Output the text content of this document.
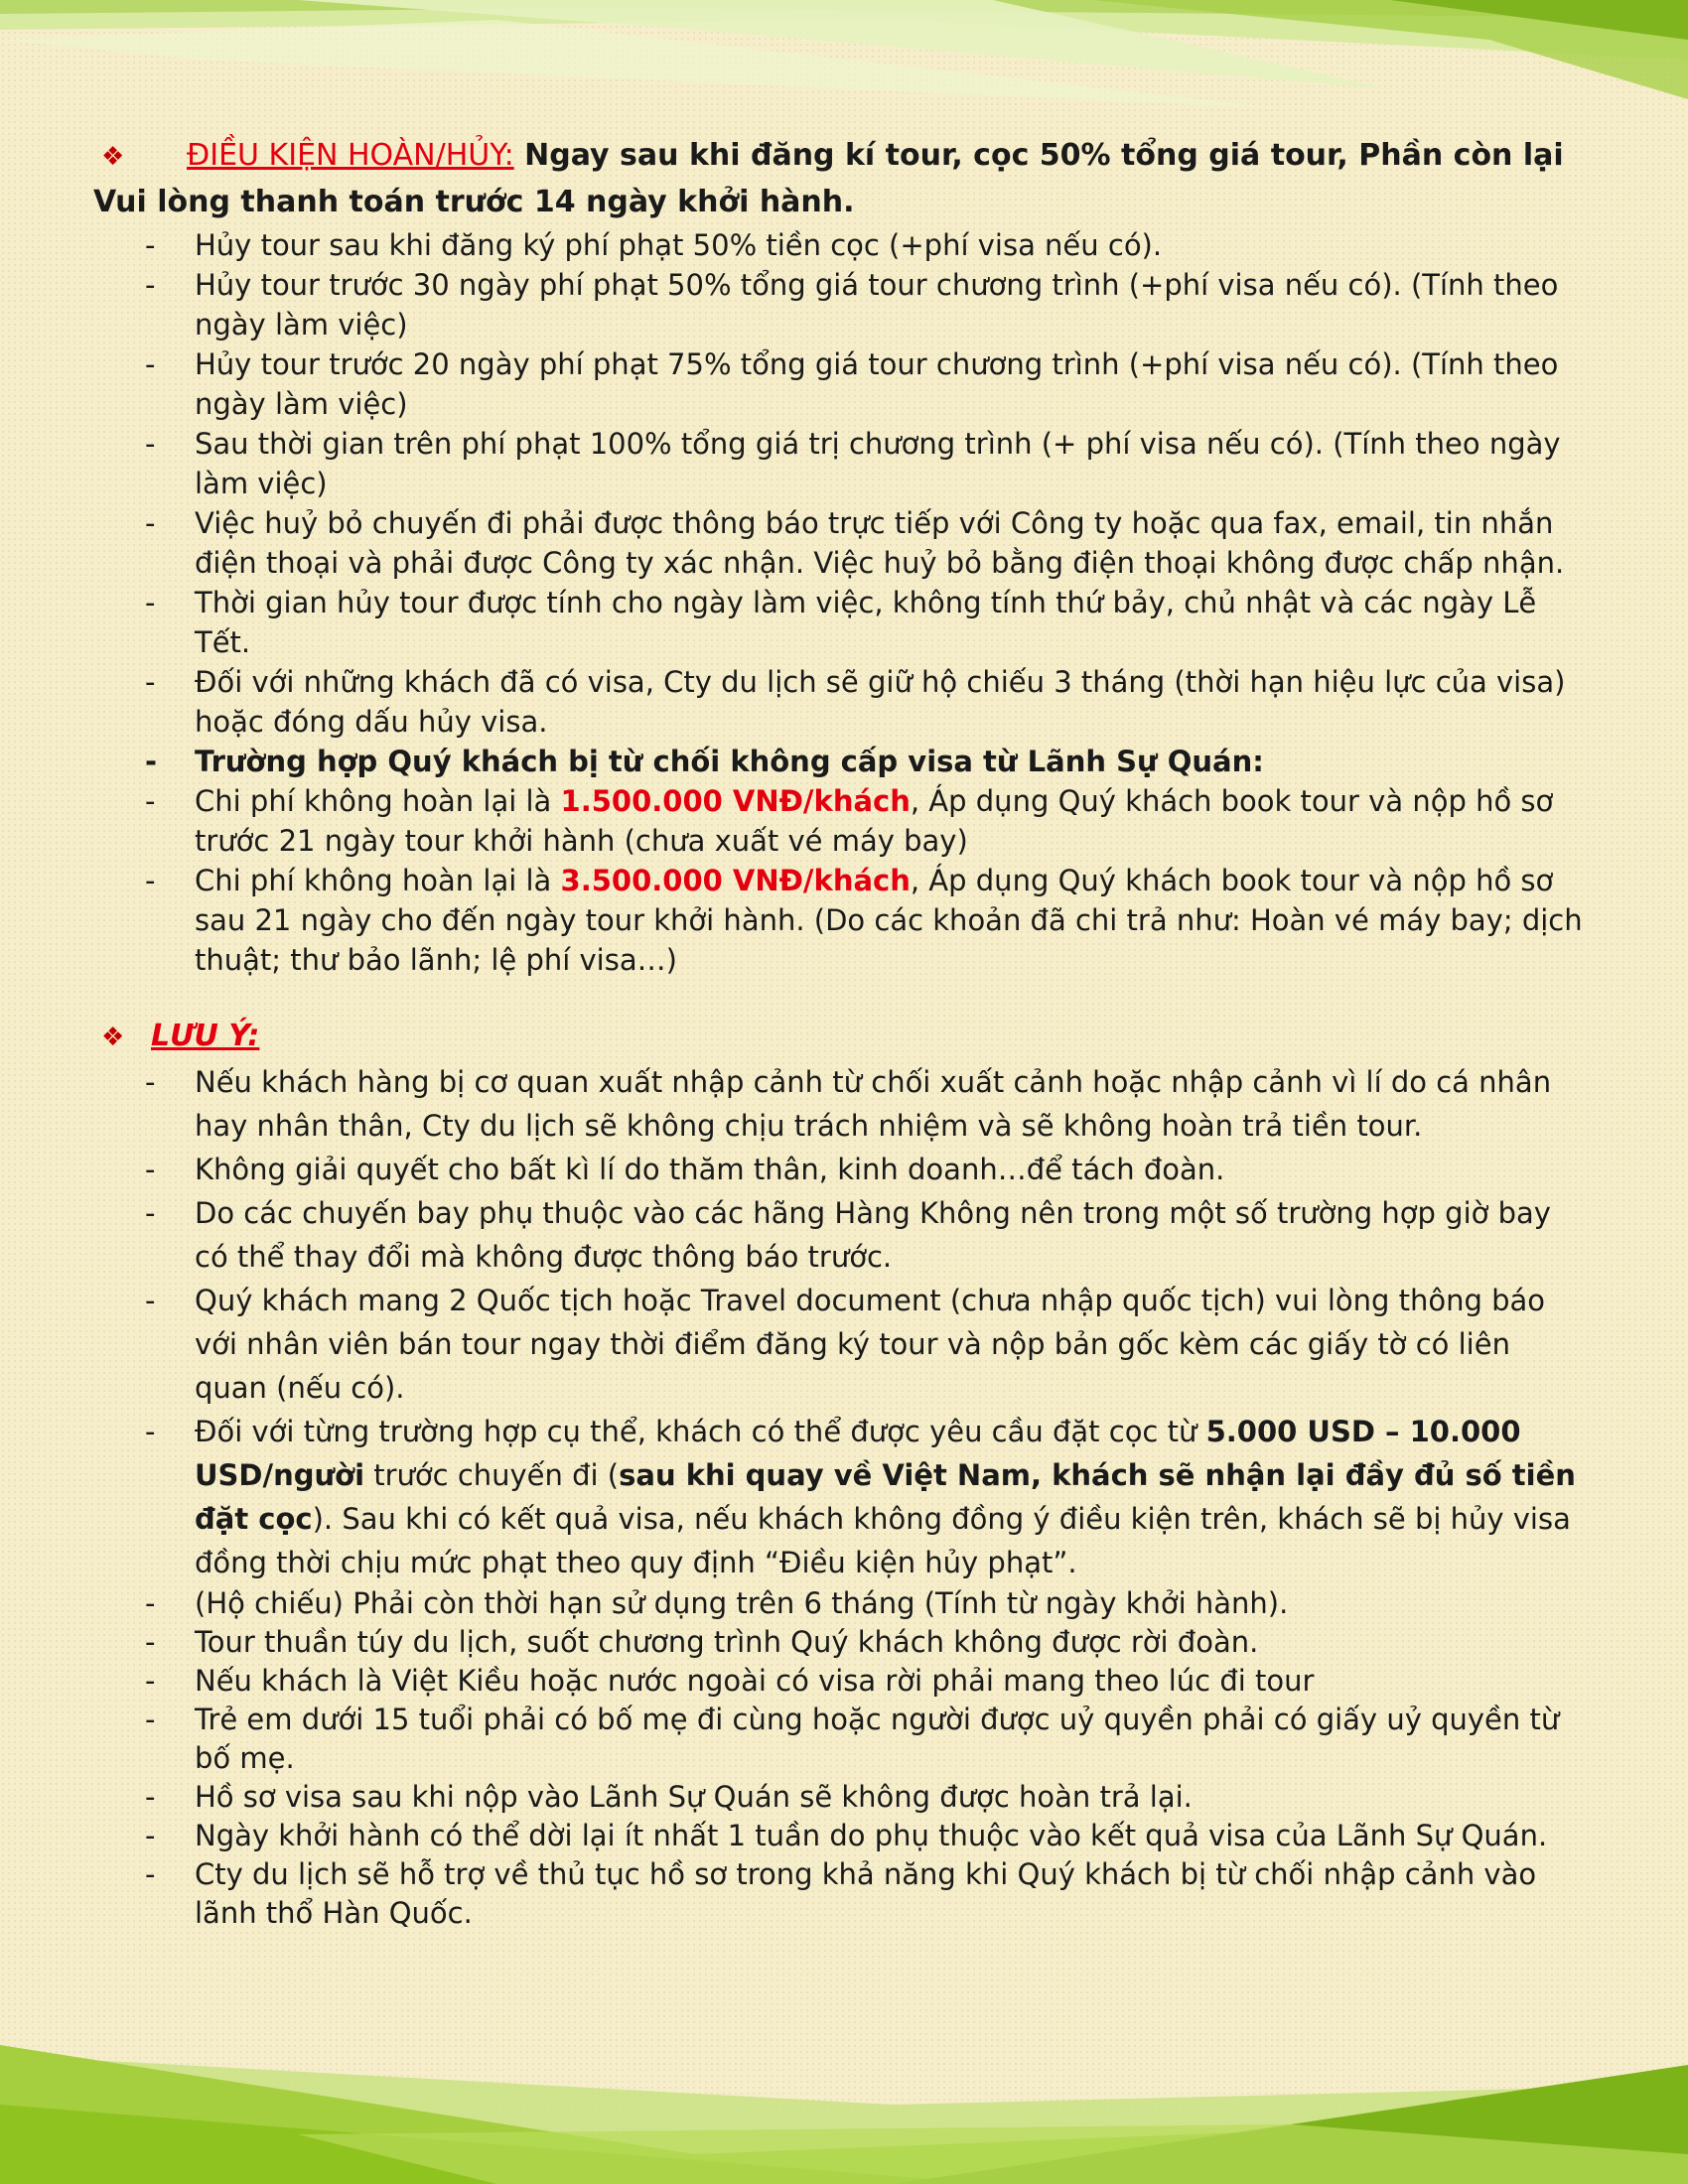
❖ ĐIỀU KIỆN HOÀN/HỦY: Ngay sau khi đăng kí tour, cọc 50% tổng giá tour, Phần còn lại Vui lòng thanh toán trước 14 ngày khởi hành.

- Hủy tour sau khi đăng ký phí phạt 50% tiền cọc (+phí visa nếu có).
- Hủy tour trước 30 ngày phí phạt 50% tổng giá tour chương trình (+phí visa nếu có). (Tính theo ngày làm việc)
- Hủy tour trước 20 ngày phí phạt 75% tổng giá tour chương trình (+phí visa nếu có). (Tính theo ngày làm việc)
- Sau thời gian trên phí phạt 100% tổng giá trị chương trình (+ phí visa nếu có). (Tính theo ngày làm việc)
- Việc huỷ bỏ chuyến đi phải được thông báo trực tiếp với Công ty hoặc qua fax, email, tin nhắn điện thoại và phải được Công ty xác nhận. Việc huỷ bỏ bằng điện thoại không được chấp nhận.
- Thời gian hủy tour được tính cho ngày làm việc, không tính thứ bảy, chủ nhật và các ngày Lễ Tết.
- Đối với những khách đã có visa, Cty du lịch sẽ giữ hộ chiếu 3 tháng (thời hạn hiệu lực của visa) hoặc đóng dấu hủy visa.
- Trường hợp Quý khách bị từ chối không cấp visa từ Lãnh Sự Quán:
- Chi phí không hoàn lại là 1.500.000 VNĐ/khách, Áp dụng Quý khách book tour và nộp hồ sơ trước 21 ngày tour khởi hành (chưa xuất vé máy bay)
- Chi phí không hoàn lại là 3.500.000 VNĐ/khách, Áp dụng Quý khách book tour và nộp hồ sơ sau 21 ngày cho đến ngày tour khởi hành. (Do các khoản đã chi trả như: Hoàn vé máy bay; dịch thuật; thư bảo lãnh; lệ phí visa…)

❖ LƯU Ý:

- Nếu khách hàng bị cơ quan xuất nhập cảnh từ chối xuất cảnh hoặc nhập cảnh vì lí do cá nhân hay nhân thân, Cty du lịch sẽ không chịu trách nhiệm và sẽ không hoàn trả tiền tour.
- Không giải quyết cho bất kì lí do thăm thân, kinh doanh…để tách đoàn.
- Do các chuyến bay phụ thuộc vào các hãng Hàng Không nên trong một số trường hợp giờ bay có thể thay đổi mà không được thông báo trước.
- Quý khách mang 2 Quốc tịch hoặc Travel document (chưa nhập quốc tịch) vui lòng thông báo với nhân viên bán tour ngay thời điểm đăng ký tour và nộp bản gốc kèm các giấy tờ có liên quan (nếu có).
- Đối với từng trường hợp cụ thể, khách có thể được yêu cầu đặt cọc từ 5.000 USD – 10.000 USD/người trước chuyến đi (sau khi quay về Việt Nam, khách sẽ nhận lại đầy đủ số tiền đặt cọc). Sau khi có kết quả visa, nếu khách không đồng ý điều kiện trên, khách sẽ bị hủy visa đồng thời chịu mức phạt theo quy định “Điều kiện hủy phạt”.
- (Hộ chiếu) Phải còn thời hạn sử dụng trên 6 tháng (Tính từ ngày khởi hành).
- Tour thuần túy du lịch, suốt chương trình Quý khách không được rời đoàn.
- Nếu khách là Việt Kiều hoặc nước ngoài có visa rời phải mang theo lúc đi tour
- Trẻ em dưới 15 tuổi phải có bố mẹ đi cùng hoặc người được uỷ quyền phải có giấy uỷ quyền từ bố mẹ.
- Hồ sơ visa sau khi nộp vào Lãnh Sự Quán sẽ không được hoàn trả lại.
- Ngày khởi hành có thể dời lại ít nhất 1 tuần do phụ thuộc vào kết quả visa của Lãnh Sự Quán.
- Cty du lịch sẽ hỗ trợ về thủ tục hồ sơ trong khả năng khi Quý khách bị từ chối nhập cảnh vào lãnh thổ Hàn Quốc.
